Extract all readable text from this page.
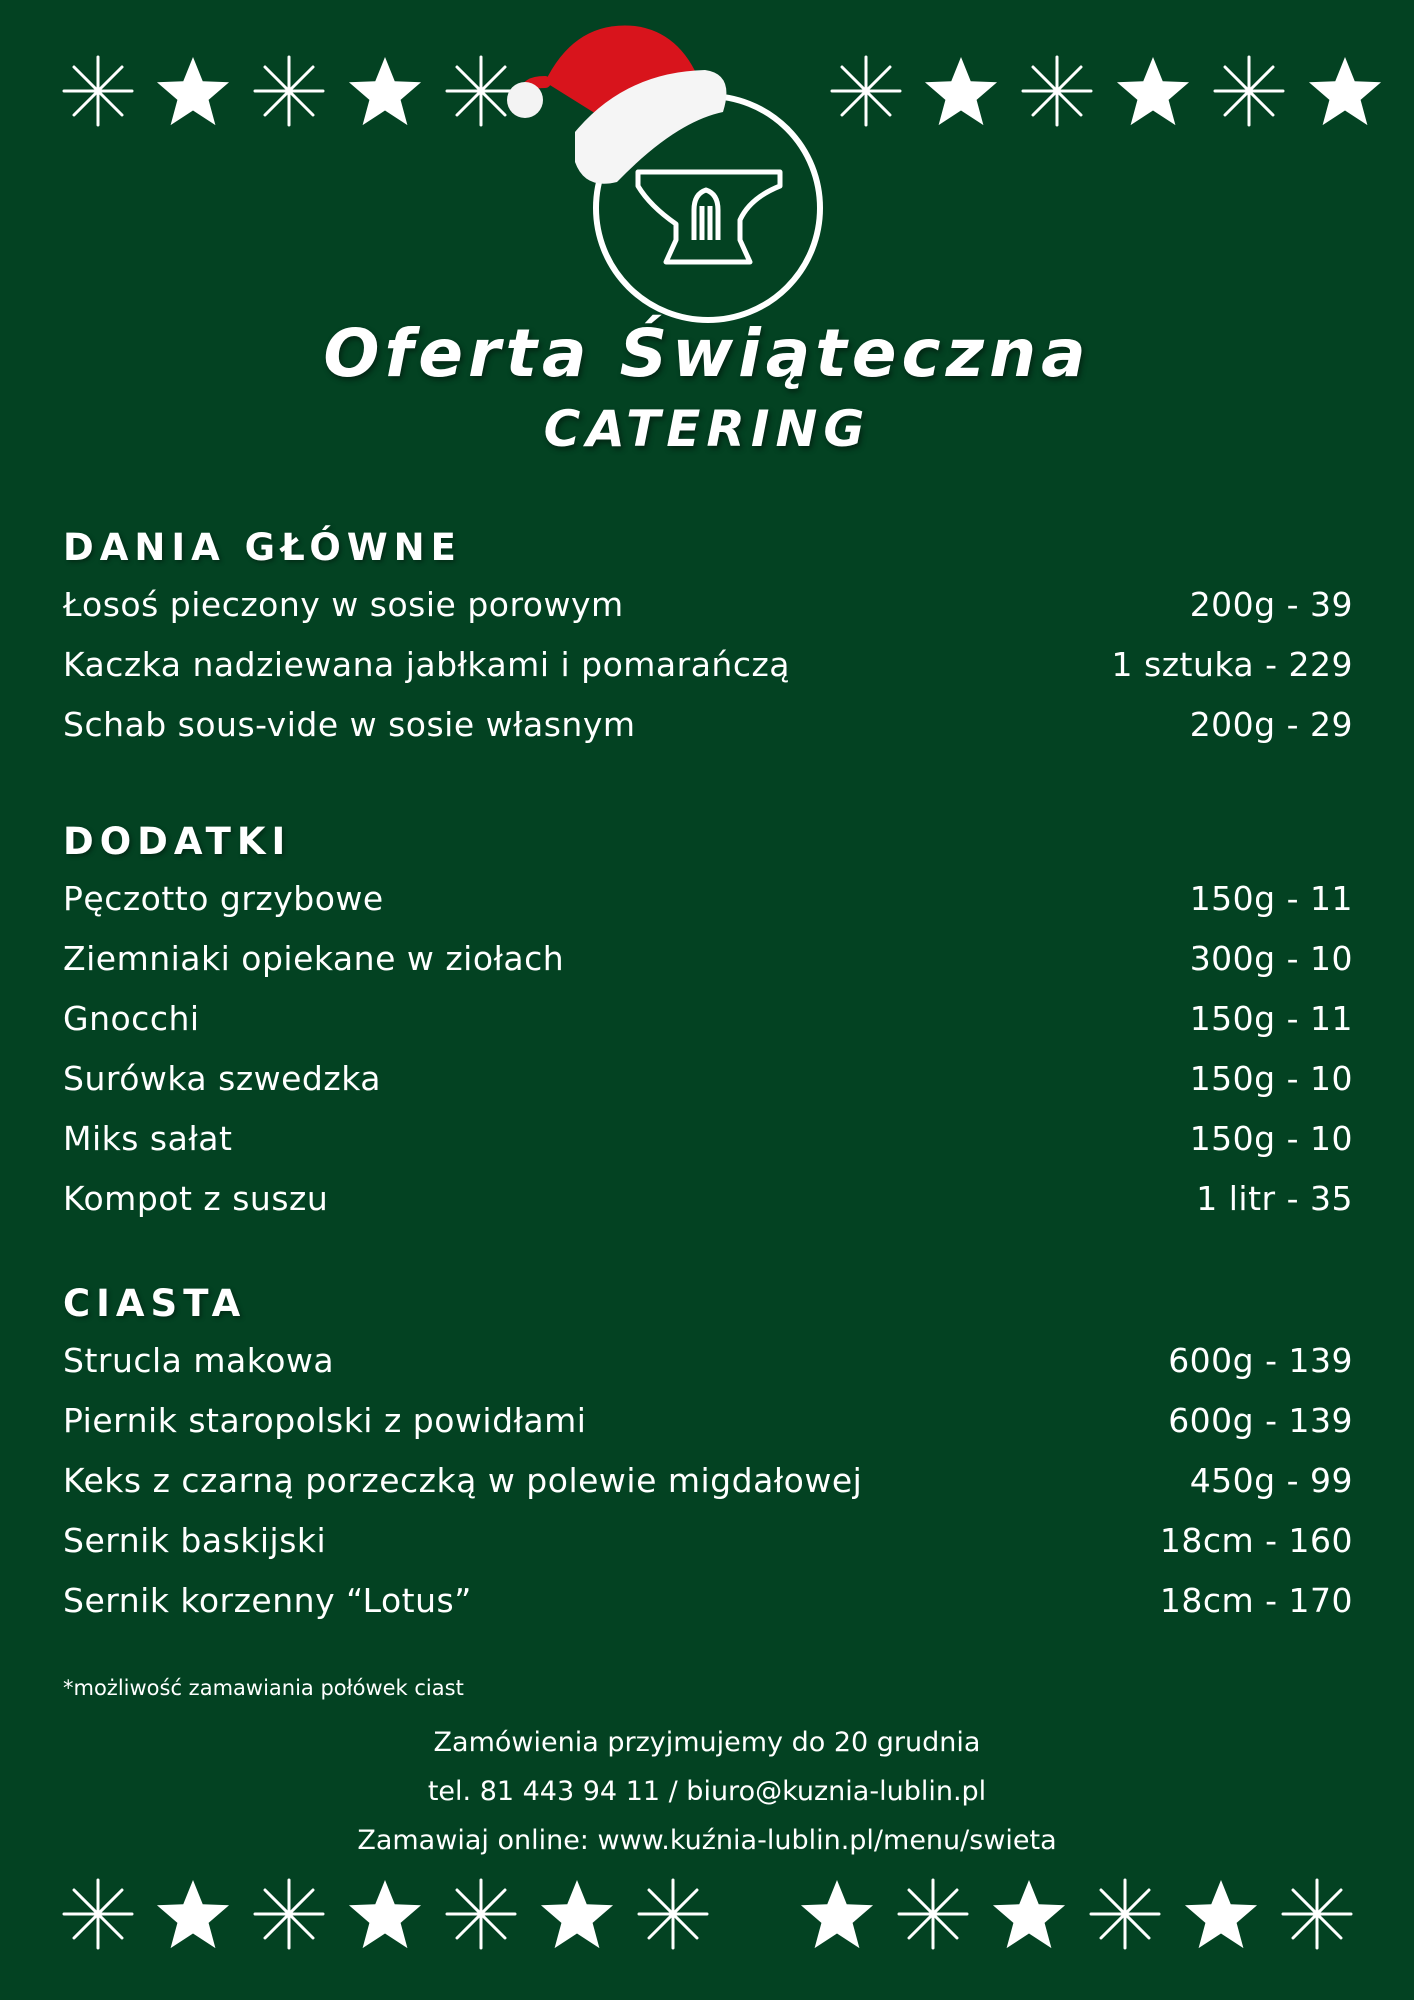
Oferta Świąteczna
CATERING
DANIA GŁÓWNE
Łosoś pieczony w sosie porowym	200g - 39
Kaczka nadziewana jabłkami i pomarańczą	1 sztuka - 229
Schab sous-vide w sosie własnym	200g - 29
DODATKI
Pęczotto grzybowe	150g - 11
Ziemniaki opiekane w ziołach	300g - 10
Gnocchi	150g - 11
Surówka szwedzka	150g - 10
Miks sałat	150g - 10
Kompot z suszu	1 litr - 35
CIASTA
Strucla makowa	600g - 139
Piernik staropolski z powidłami	600g - 139
Keks z czarną porzeczką w polewie migdałowej	450g - 99
Sernik baskijski	18cm - 160
Sernik korzenny “Lotus”	18cm - 170
*możliwość zamawiania połówek ciast
Zamówienia przyjmujemy do 20 grudnia
tel. 81 443 94 11 / biuro@kuznia-lublin.pl
Zamawiaj online: www.kuźnia-lublin.pl/menu/swieta
